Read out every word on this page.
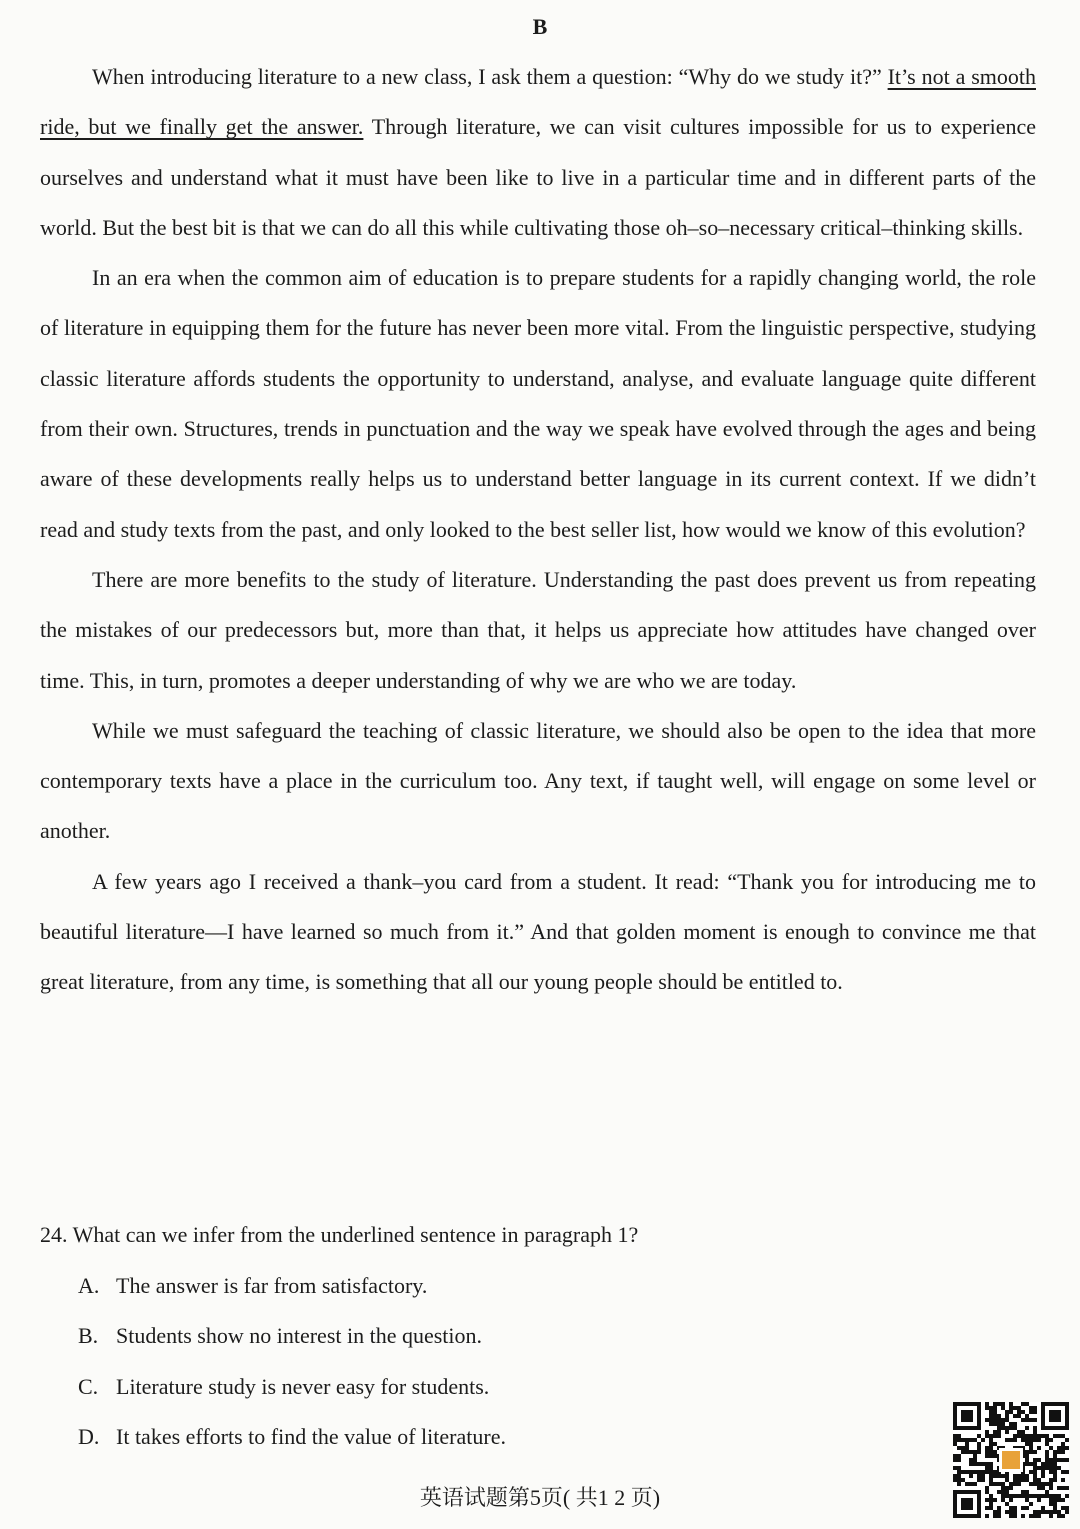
B

When introducing literature to a new class, I ask them a question: “Why do we study it?” It’s not a smooth ride, but we finally get the answer. Through literature, we can visit cultures impossible for us to experience ourselves and understand what it must have been like to live in a particular time and in different parts of the world. But the best bit is that we can do all this while cultivating those oh–so–necessary critical–thinking skills.

In an era when the common aim of education is to prepare students for a rapidly changing world, the role of literature in equipping them for the future has never been more vital. From the linguistic perspective, studying classic literature affords students the opportunity to understand, analyse, and evaluate language quite different from their own. Structures, trends in punctuation and the way we speak have evolved through the ages and being aware of these developments really helps us to understand better language in its current context. If we didn’t read and study texts from the past, and only looked to the best seller list, how would we know of this evolution?

There are more benefits to the study of literature. Understanding the past does prevent us from repeating the mistakes of our predecessors but, more than that, it helps us appreciate how attitudes have changed over time. This, in turn, promotes a deeper understanding of why we are who we are today.

While we must safeguard the teaching of classic literature, we should also be open to the idea that more contemporary texts have a place in the curriculum too. Any text, if taught well, will engage on some level or another.

A few years ago I received a thank–you card from a student. It read: “Thank you for introducing me to beautiful literature—I have learned so much from it.” And that golden moment is enough to convince me that great literature, from any time, is something that all our young people should be entitled to.

24. What can we infer from the underlined sentence in paragraph 1?

A. The answer is far from satisfactory.

B. Students show no interest in the question.

C. Literature study is never easy for students.

D. It takes efforts to find the value of literature.

英语试题第5页( 共1 2 页)
